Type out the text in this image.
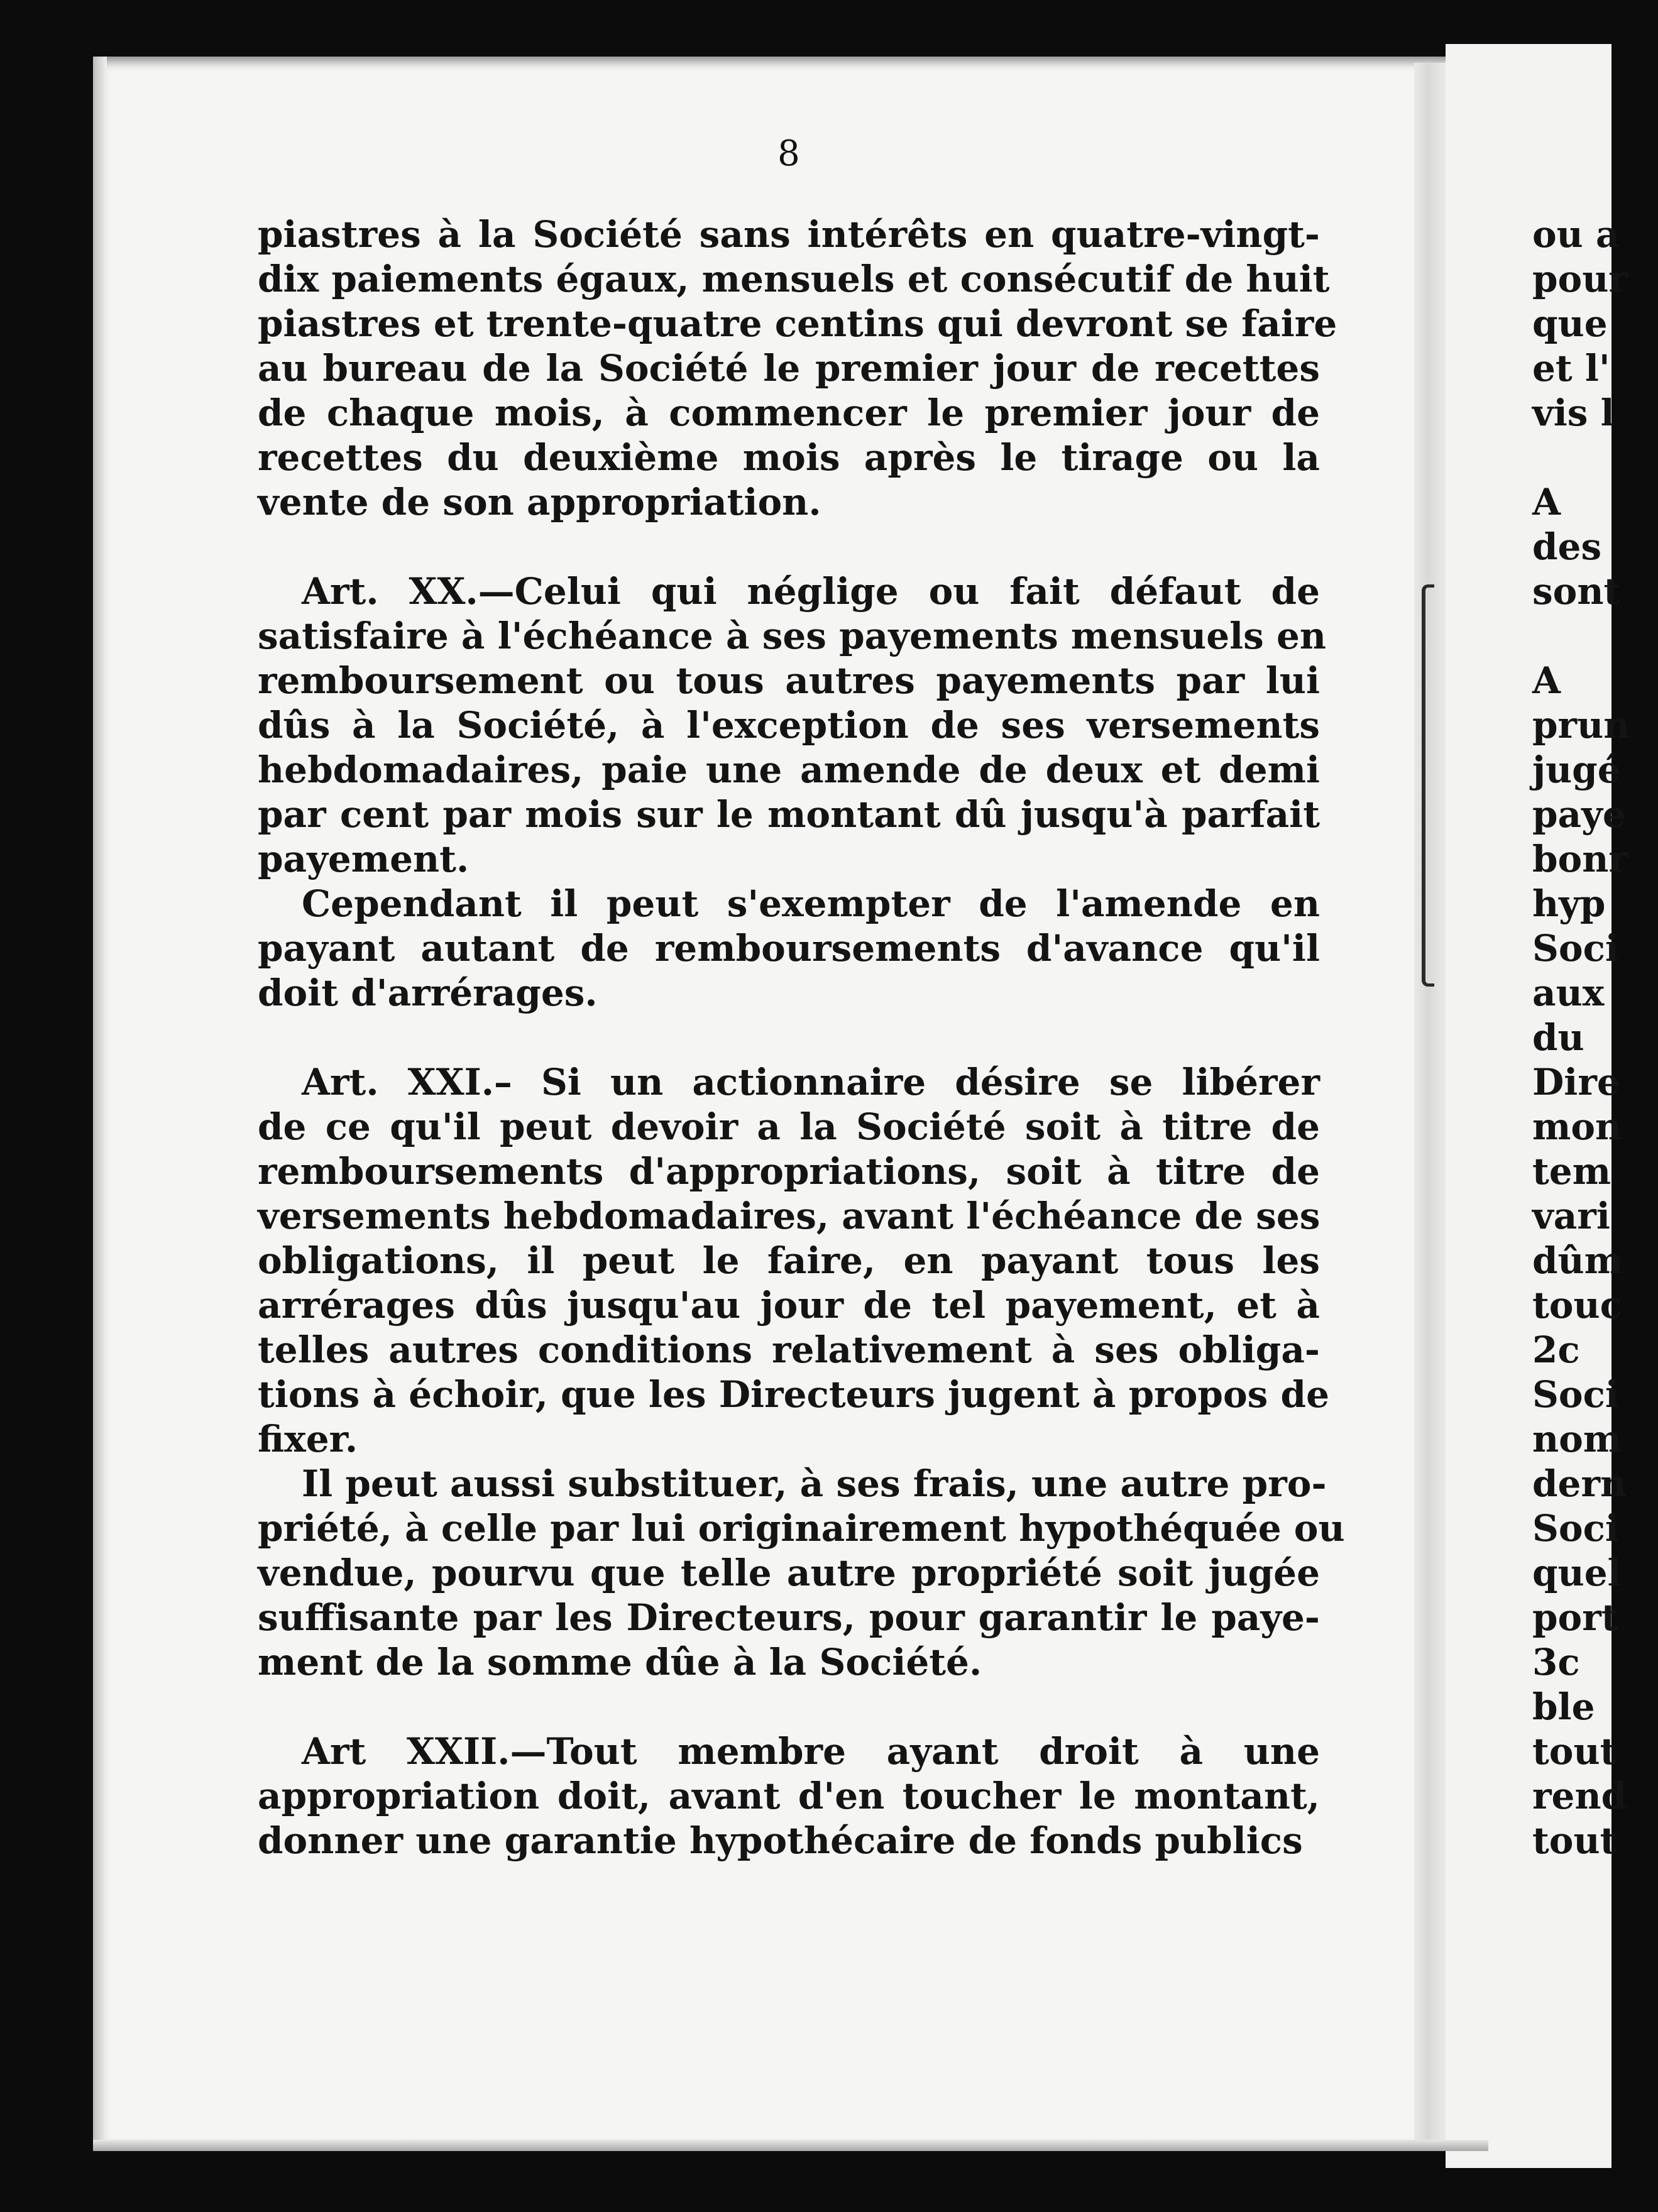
8
piastres à la Société sans intérêts en quatre-vingt-
dix paiements égaux, mensuels et consécutif de huit
piastres et trente-quatre centins qui devront se faire
au bureau de la Société le premier jour de recettes
de chaque mois, à commencer le premier jour de
recettes du deuxième mois après le tirage ou la
vente de son appropriation.
Art. XX.—Celui qui néglige ou fait défaut de
satisfaire à l'échéance à ses payements mensuels en
remboursement ou tous autres payements par lui
dûs à la Société, à l'exception de ses versements
hebdomadaires, paie une amende de deux et demi
par cent par mois sur le montant dû jusqu'à parfait
payement.
Cependant il peut s'exempter de l'amende en
payant autant de remboursements d'avance qu'il
doit d'arrérages.
Art. XXI.– Si un actionnaire désire se libérer
de ce qu'il peut devoir a la Société soit à titre de
remboursements d'appropriations, soit à titre de
versements hebdomadaires, avant l'échéance de ses
obligations, il peut le faire, en payant tous les
arrérages dûs jusqu'au jour de tel payement, et à
telles autres conditions relativement à ses obliga-
tions à échoir, que les Directeurs jugent à propos de
fixer.
Il peut aussi substituer, à ses frais, une autre pro-
priété, à celle par lui originairement hypothéquée ou
vendue, pourvu que telle autre propriété soit jugée
suffisante par les Directeurs, pour garantir le paye-
ment de la somme dûe à la Société.
Art XXII.—Tout membre ayant droit à une
appropriation doit, avant d'en toucher le montant,
donner une garantie hypothécaire de fonds publics
ou a
pour
que
et l'
vis l
A
des
sont
A
prun
jugé
paye
bonr
hyp
Soci
aux
du
Dire
mon
tem
vari
dûm
touc
2c
Soci
nom
dern
Soci
quel
port
3c
ble
tout
rend
tout
